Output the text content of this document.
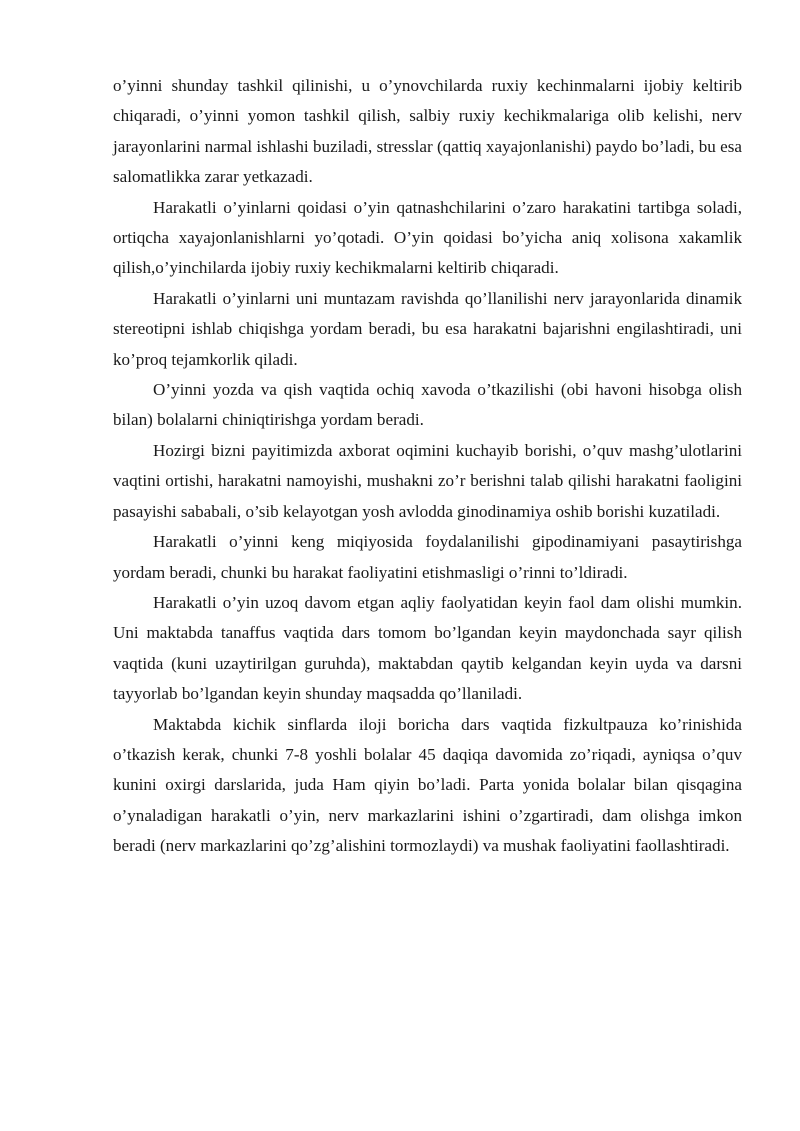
o’yinni shunday tashkil qilinishi, u o’ynovchilarda ruxiy kechinmalarni ijobiy keltirib chiqaradi, o’yinni yomon tashkil qilish, salbiy ruxiy kechikmalariga olib kelishi, nerv jarayonlarini narmal ishlashi buziladi, stresslar (qattiq xayajonlanishi) paydo bo’ladi, bu esa salomatlikka zarar yetkazadi.

Harakatli o’yinlarni qoidasi o’yin qatnashchilarini o’zaro harakatini tartibga soladi, ortiqcha xayajonlanishlarni yo’qotadi. O’yin qoidasi bo’yicha aniq xolisona xakamlik qilish,o’yinchilarda ijobiy ruxiy kechikmalarni keltirib chiqaradi.

Harakatli o’yinlarni uni muntazam ravishda qo’llanilishi nerv jarayonlarida dinamik stereotipni ishlab chiqishga yordam beradi, bu esa harakatni bajarishni engilashtiradi, uni ko’proq tejamkorlik qiladi.

O’yinni yozda va qish vaqtida ochiq xavoda o’tkazilishi (obi havoni hisobga olish bilan) bolalarni chiniqtirishga yordam beradi.

Hozirgi bizni payitimizda axborat oqimini kuchayib borishi, o’quv mashg’ulotlarini vaqtini ortishi, harakatni namoyishi, mushakni zo’r berishni talab qilishi harakatni faoligini pasayishi sababali, o’sib kelayotgan yosh avlodda ginodinamiya oshib borishi kuzatiladi.

Harakatli o’yinni keng miqiyosida foydalanilishi gipodinamiyani pasaytirishga yordam beradi, chunki bu harakat faoliyatini etishmasligi o’rinni to’ldiradi.

Harakatli o’yin uzoq davom etgan aqliy faolyatidan keyin faol dam olishi mumkin. Uni maktabda tanaffus vaqtida dars tomom bo’lgandan keyin maydonchada sayr qilish vaqtida (kuni uzaytirilgan guruhda), maktabdan qaytib kelgandan keyin uyda va darsni tayyorlab bo’lgandan keyin shunday maqsadda qo’llaniladi.

Maktabda kichik sinflarda iloji boricha dars vaqtida fizkultpauza ko’rinishida o’tkazish kerak, chunki 7-8 yoshli bolalar 45 daqiqa davomida zo’riqadi, ayniqsa o’quv kunini oxirgi darslarida, juda Ham qiyin bo’ladi. Parta yonida bolalar bilan qisqagina o’ynaladigan harakatli o’yin, nerv markazlarini ishini o’zgartiradi, dam olishga imkon beradi (nerv markazlarini qo’zg’alishini tormozlaydi) va mushak faoliyatini faollashtiradi.
